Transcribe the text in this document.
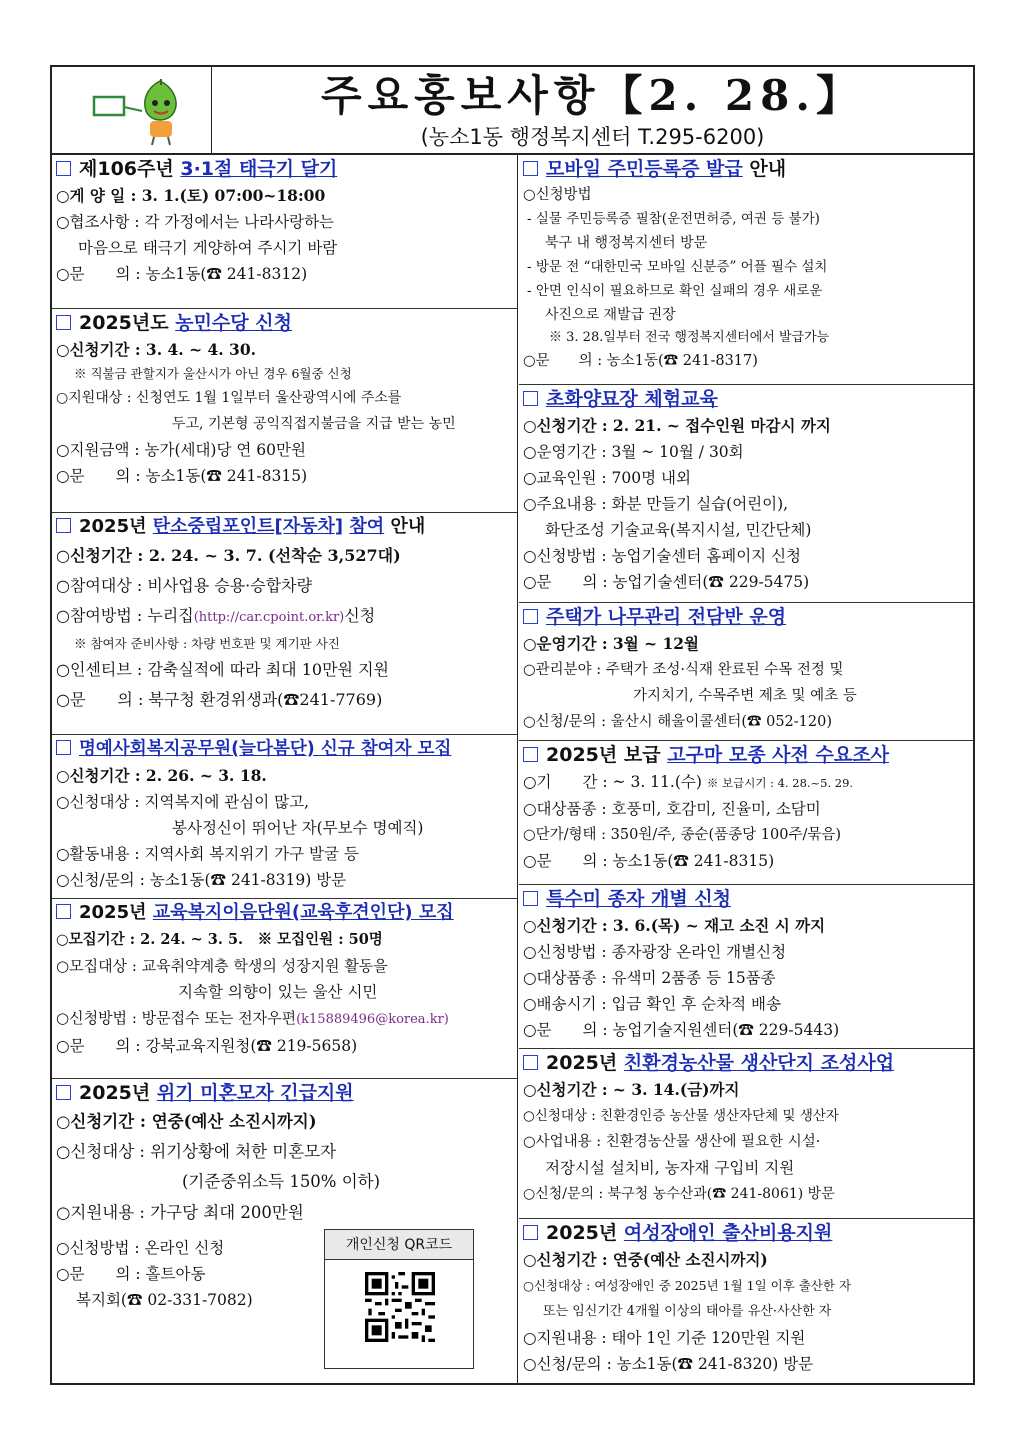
주요홍보사항【2. 28.】
(농소1동 행정복지센터 T.295-6200)
제106주년 3·1절 태극기 달기
○게 양 일 : 3. 1.(토) 07:00~18:00
○협조사항 : 각 가정에서는 나라사랑하는
마음으로 태극기 게양하여 주시기 바람
○문　　의 : 농소1동(☎ 241-8312)
2025년도 농민수당 신청
○신청기간 : 3. 4. ~ 4. 30.
※ 직불금 관할지가 울산시가 아닌 경우 6월중 신청
○지원대상 : 신청연도 1월 1일부터 울산광역시에 주소를
두고, 기본형 공익직접지불금을 지급 받는 농민
○지원금액 : 농가(세대)당 연 60만원
○문　　의 : 농소1동(☎ 241-8315)
2025년 탄소중립포인트[자동차] 참여 안내
○신청기간 : 2. 24. ~ 3. 7. (선착순 3,527대)
○참여대상 : 비사업용 승용·승합차량
○참여방법 : 누리집(http://car.cpoint.or.kr)신청
※ 참여자 준비사항 : 차량 번호판 및 계기판 사진
○인센티브 : 감축실적에 따라 최대 10만원 지원
○문　　의 : 북구청 환경위생과(☎241-7769)
명예사회복지공무원(늘다봄단) 신규 참여자 모집
○신청기간 : 2. 26. ~ 3. 18.
○신청대상 : 지역복지에 관심이 많고,
봉사정신이 뛰어난 자(무보수 명예직)
○활동내용 : 지역사회 복지위기 가구 발굴 등
○신청/문의 : 농소1동(☎ 241-8319) 방문
2025년 교육복지이음단원(교육후견인단) 모집
○모집기간 : 2. 24. ~ 3. 5.　※ 모집인원 : 50명
○모집대상 : 교육취약계층 학생의 성장지원 활동을
지속할 의향이 있는 울산 시민
○신청방법 : 방문접수 또는 전자우편(k15889496@korea.kr)
○문　　의 : 강북교육지원청(☎ 219-5658)
2025년 위기 미혼모자 긴급지원
○신청기간 : 연중(예산 소진시까지)
○신청대상 : 위기상황에 처한 미혼모자
(기준중위소득 150% 이하)
○지원내용 : 가구당 최대 200만원
○신청방법 : 온라인 신청
○문　　의 : 홀트아동
복지회(☎ 02-331-7082)
개인신청 QR코드
모바일 주민등록증 발급 안내
○신청방법
- 실물 주민등록증 필참(운전면허증, 여권 등 불가)
북구 내 행정복지센터 방문
- 방문 전 “대한민국 모바일 신분증” 어플 필수 설치
- 안면 인식이 필요하므로 확인 실패의 경우 새로운
사진으로 재발급 권장
※ 3. 28.일부터 전국 행정복지센터에서 발급가능
○문　　의 : 농소1동(☎ 241-8317)
초화양묘장 체험교육
○신청기간 : 2. 21. ~ 접수인원 마감시 까지
○운영기간 : 3월 ~ 10월 / 30회
○교육인원 : 700명 내외
○주요내용 : 화분 만들기 실습(어린이),
화단조성 기술교육(복지시설, 민간단체)
○신청방법 : 농업기술센터 홈페이지 신청
○문　　의 : 농업기술센터(☎ 229-5475)
주택가 나무관리 전담반 운영
○운영기간 : 3월 ~ 12월
○관리분야 : 주택가 조성·식재 완료된 수목 전정 및
가지치기, 수목주변 제초 및 예초 등
○신청/문의 : 울산시 해울이콜센터(☎ 052-120)
2025년 보급 고구마 모종 사전 수요조사
○기　　간 : ~ 3. 11.(수) ※ 보급시기 : 4. 28.~5. 29.
○대상품종 : 호풍미, 호감미, 진율미, 소담미
○단가/형태 : 350원/주, 종순(품종당 100주/묶음)
○문　　의 : 농소1동(☎ 241-8315)
특수미 종자 개별 신청
○신청기간 : 3. 6.(목) ~ 재고 소진 시 까지
○신청방법 : 종자광장 온라인 개별신청
○대상품종 : 유색미 2품종 등 15품종
○배송시기 : 입금 확인 후 순차적 배송
○문　　의 : 농업기술지원센터(☎ 229-5443)
2025년 친환경농산물 생산단지 조성사업
○신청기간 : ~ 3. 14.(금)까지
○신청대상 : 친환경인증 농산물 생산자단체 및 생산자
○사업내용 : 친환경농산물 생산에 필요한 시설·
저장시설 설치비, 농자재 구입비 지원
○신청/문의 : 북구청 농수산과(☎ 241-8061) 방문
2025년 여성장애인 출산비용지원
○신청기간 : 연중(예산 소진시까지)
○신청대상 : 여성장애인 중 2025년 1월 1일 이후 출산한 자
또는 임신기간 4개월 이상의 태아를 유산·사산한 자
○지원내용 : 태아 1인 기준 120만원 지원
○신청/문의 : 농소1동(☎ 241-8320) 방문
